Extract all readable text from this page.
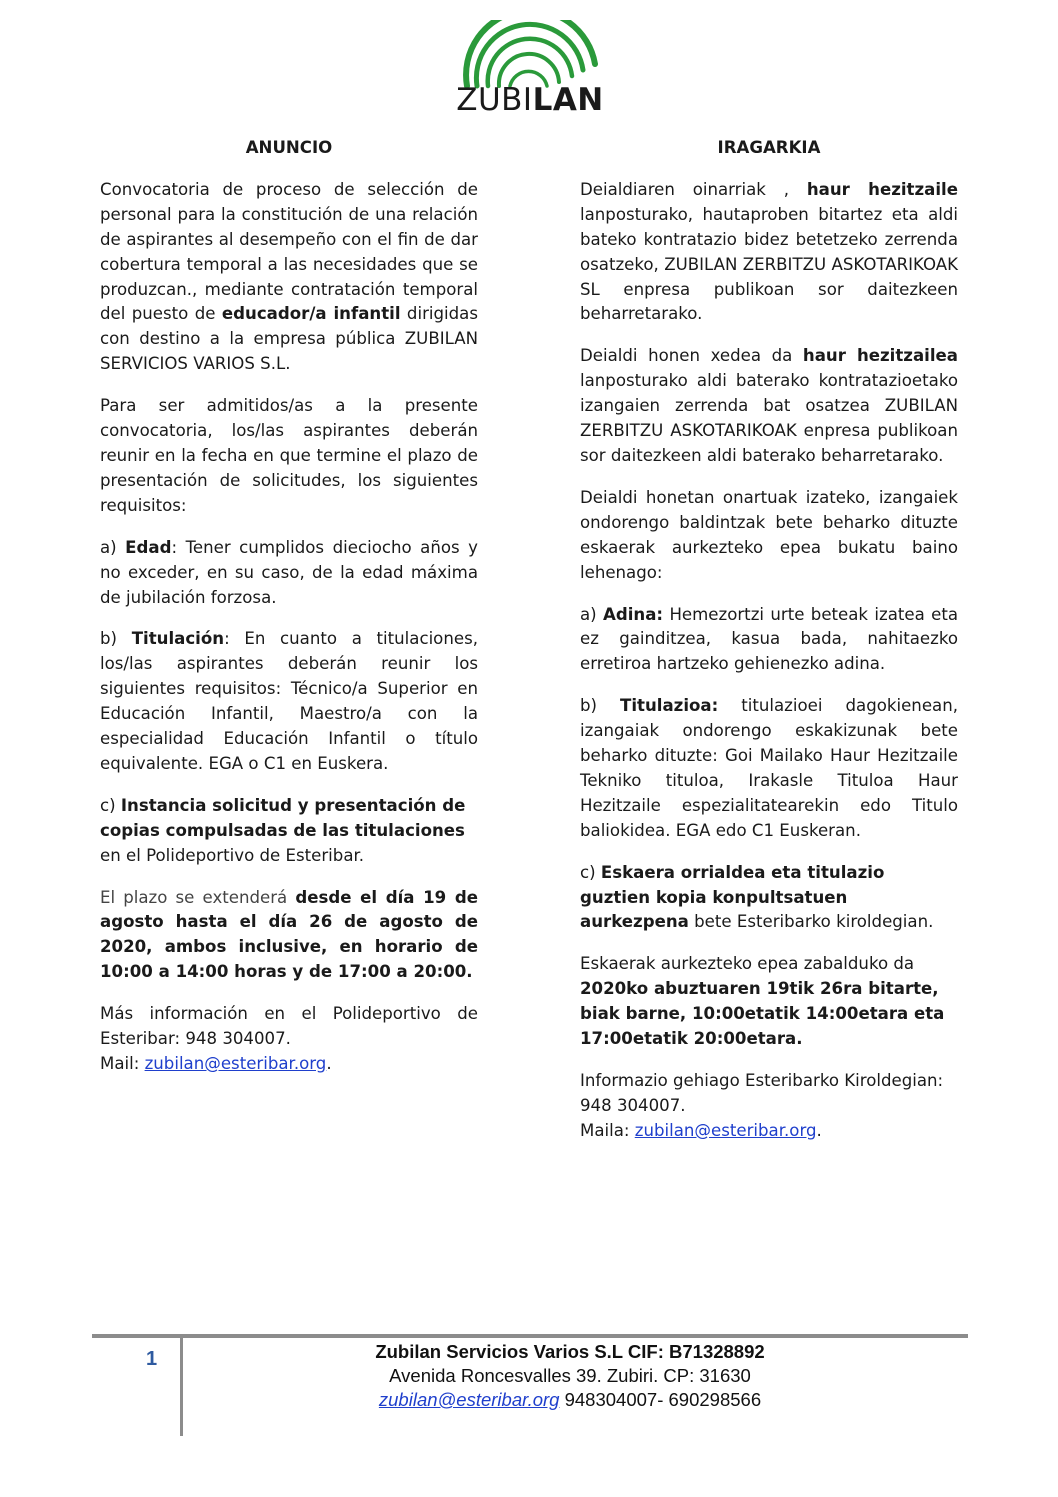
ZUBILAN
ANUNCIO
Convocatoria de proceso de selección de personal para la constitución de una relación de aspirantes al desempeño con el fin de dar cobertura temporal a las necesidades que se produzcan., mediante contratación temporal del puesto de educador/a infantil dirigidas con destino a la empresa pública ZUBILAN SERVICIOS VARIOS S.L.
Para ser admitidos/as a la presente convocatoria, los/las aspirantes deberán reunir en la fecha en que termine el plazo de presentación de solicitudes, los siguientes requisitos:
a) Edad: Tener cumplidos dieciocho años y no exceder, en su caso, de la edad máxima de jubilación forzosa.
b) Titulación: En cuanto a titulaciones, los/las aspirantes deberán reunir los siguientes requisitos: Técnico/a Superior en Educación Infantil, Maestro/a con la especialidad Educación Infantil o título equivalente. EGA o C1 en Euskera.
c) Instancia solicitud y presentación de copias compulsadas de las titulaciones en el Polideportivo de Esteribar.
El plazo se extenderá desde el día 19 de agosto hasta el día 26 de agosto de 2020, ambos inclusive, en horario de 10:00 a 14:00 horas y de 17:00 a 20:00.
Más información en el Polideportivo de Esteribar: 948 304007.
Mail: zubilan@esteribar.org.
IRAGARKIA
Deialdiaren oinarriak , haur hezitzaile lanposturako, hautaproben bitartez eta aldi bateko kontratazio bidez betetzeko zerrenda osatzeko, ZUBILAN ZERBITZU ASKOTARIKOAK SL enpresa publikoan sor daitezkeen beharretarako.
Deialdi honen xedea da haur hezitzailea lanposturako aldi baterako kontratazioetako izangaien zerrenda bat osatzea ZUBILAN ZERBITZU ASKOTARIKOAK enpresa publikoan sor daitezkeen aldi baterako beharretarako.
Deialdi honetan onartuak izateko, izangaiek ondorengo baldintzak bete beharko dituzte eskaerak aurkezteko epea bukatu baino lehenago:
a) Adina: Hemezortzi urte beteak izatea eta ez gainditzea, kasua bada, nahitaezko erretiroa hartzeko gehienezko adina.
b) Titulazioa: titulazioei dagokienean, izangaiak ondorengo eskakizunak bete beharko dituzte: Goi Mailako Haur Hezitzaile Tekniko tituloa, Irakasle Tituloa Haur Hezitzaile espezialitatearekin edo Titulo baliokidea. EGA edo C1 Euskeran.
c) Eskaera orrialdea eta titulazio guztien kopia konpultsatuen aurkezpena bete Esteribarko kiroldegian.
Eskaerak aurkezteko epea zabalduko da 2020ko abuztuaren 19tik 26ra bitarte, biak barne, 10:00etatik 14:00etara eta 17:00etatik 20:00etara.
Informazio gehiago Esteribarko Kiroldegian: 948 304007.
Maila: zubilan@esteribar.org.
1	Zubilan Servicios Varios S.L CIF: B71328892
Avenida Roncesvalles 39. Zubiri. CP: 31630
zubilan@esteribar.org 948304007- 690298566
